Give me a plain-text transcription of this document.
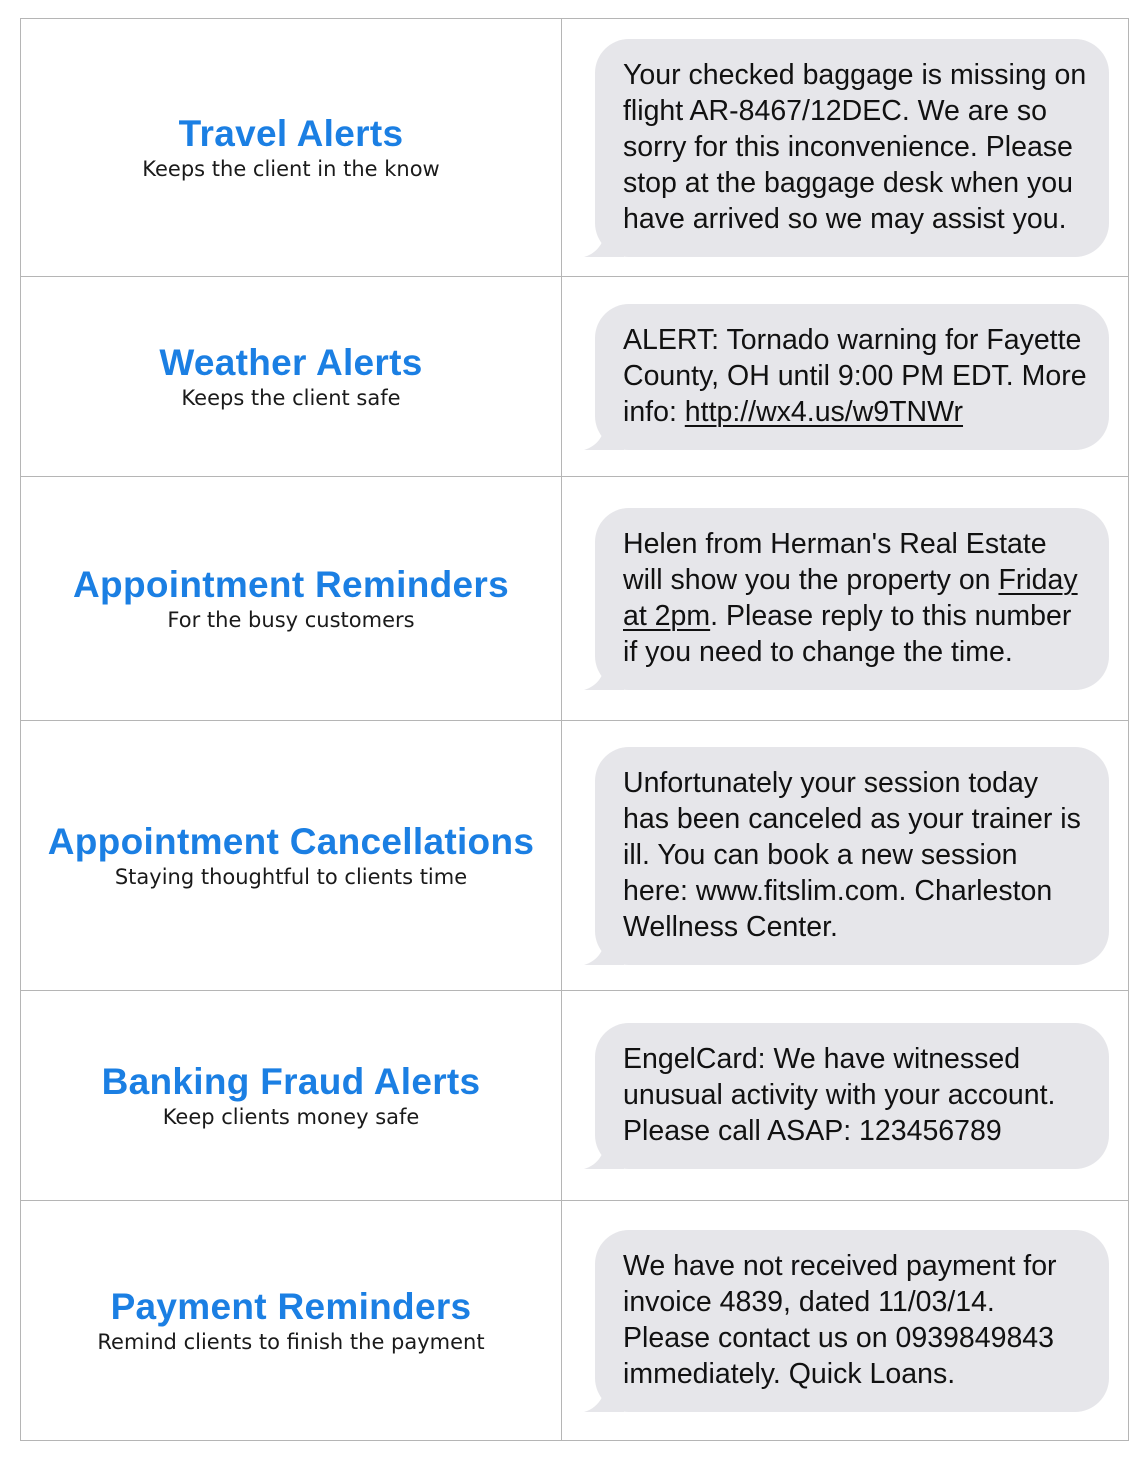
Travel Alerts
Keeps the client in the know
Your checked baggage is missing on flight AR-8467/12DEC. We are so sorry for this inconvenience. Please stop at the baggage desk when you have arrived so we may assist you.
Weather Alerts
Keeps the client safe
ALERT: Tornado warning for Fayette County, OH until 9:00 PM EDT. More info: http://wx4.us/w9TNWr
Appointment Reminders
For the busy customers
Helen from Herman's Real Estate will show you the property on Friday at 2pm. Please reply to this number if you need to change the time.
Appointment Cancellations
Staying thoughtful to clients time
Unfortunately your session today has been canceled as your trainer is ill. You can book a new session here: www.fitslim.com. Charleston Wellness Center.
Banking Fraud Alerts
Keep clients money safe
EngelCard: We have witnessed unusual activity with your account. Please call ASAP: 123456789
Payment Reminders
Remind clients to finish the payment
We have not received payment for invoice 4839, dated 11/03/14. Please contact us on 0939849843 immediately. Quick Loans.
